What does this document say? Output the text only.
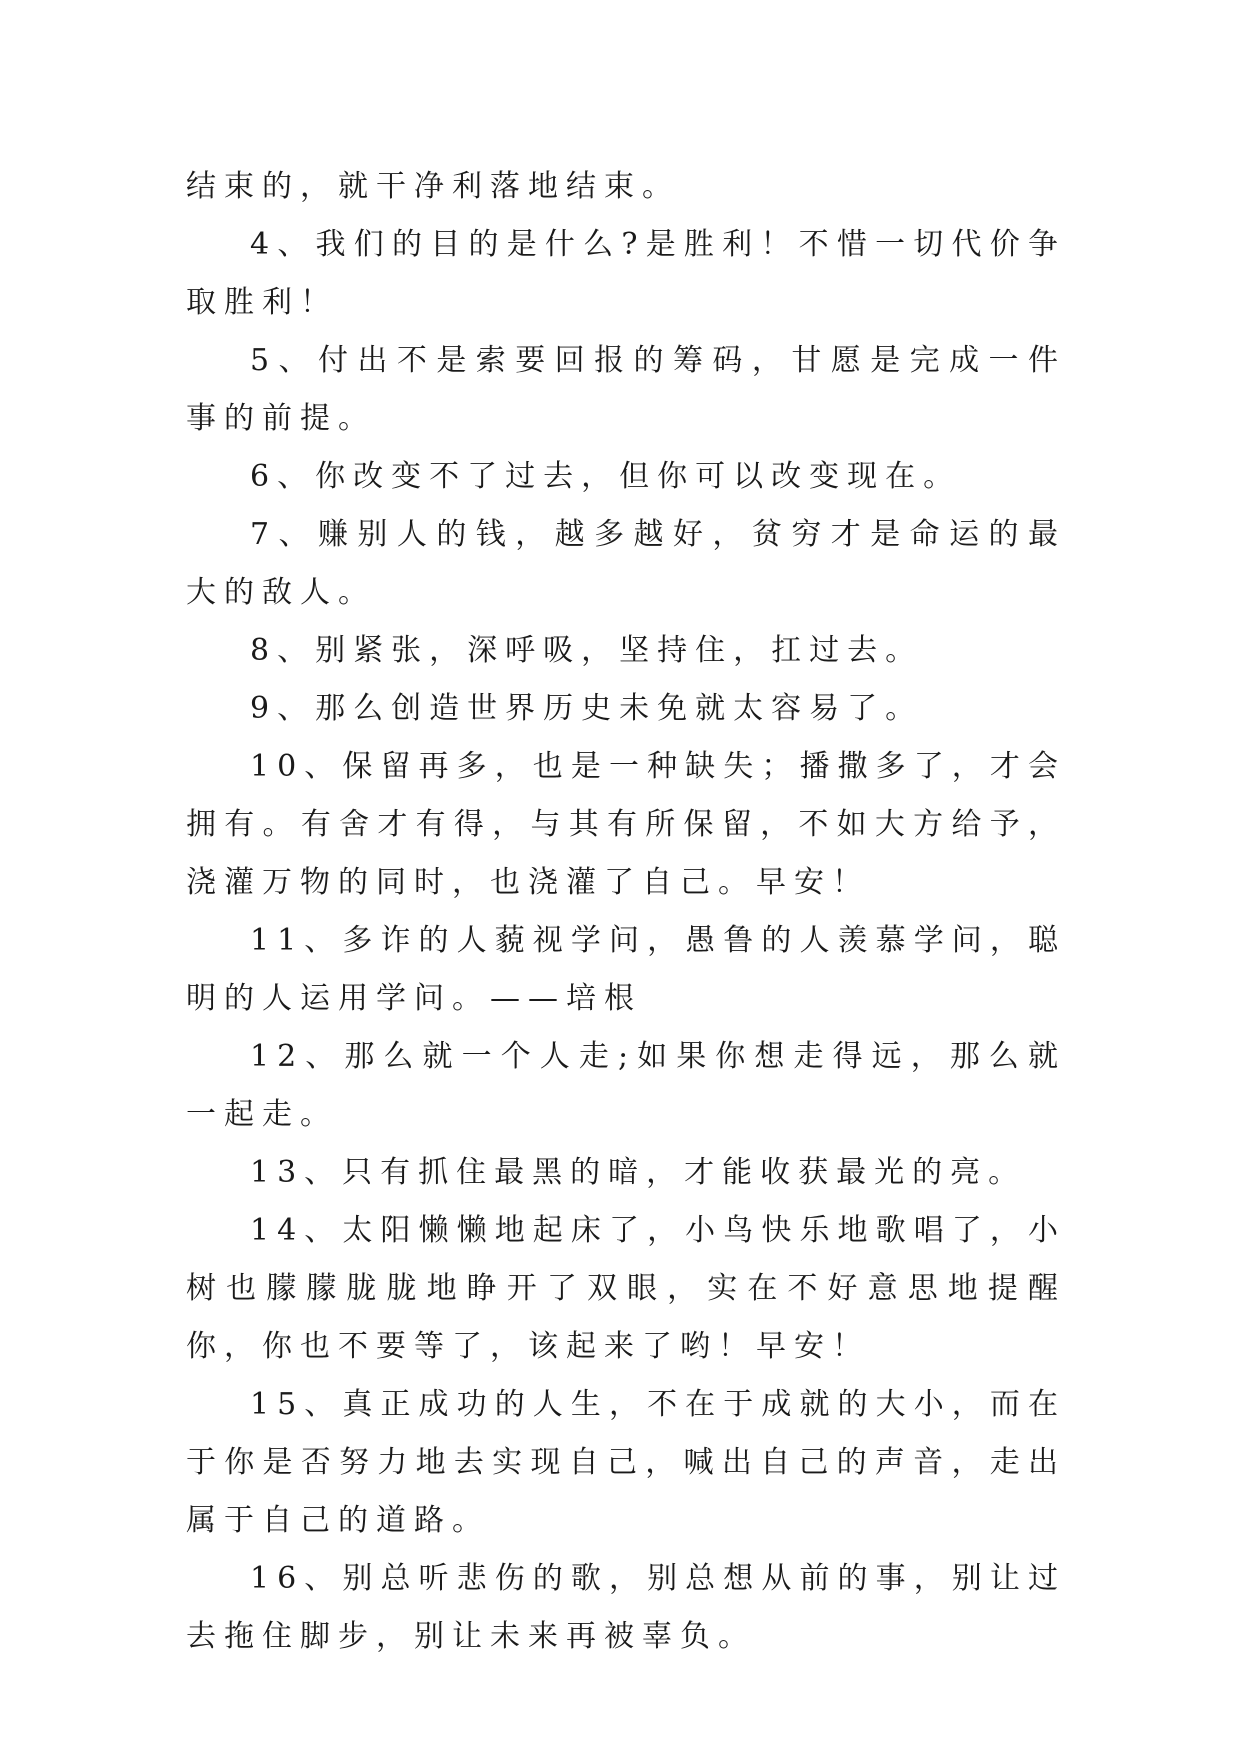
结束的，就干净利落地结束。

4、我们的目的是什么?是胜利！不惜一切代价争取胜利！

5、付出不是索要回报的筹码，甘愿是完成一件事的前提。

6、你改变不了过去，但你可以改变现在。

7、赚别人的钱，越多越好，贫穷才是命运的最大的敌人。

8、别紧张，深呼吸，坚持住，扛过去。

9、那么创造世界历史未免就太容易了。

10、保留再多，也是一种缺失；播撒多了，才会拥有。有舍才有得，与其有所保留，不如大方给予，浇灌万物的同时，也浇灌了自己。早安！

11、多诈的人藐视学问，愚鲁的人羡慕学问，聪明的人运用学问。——培根

12、那么就一个人走;如果你想走得远，那么就一起走。

13、只有抓住最黑的暗，才能收获最光的亮。

14、太阳懒懒地起床了，小鸟快乐地歌唱了，小树也朦朦胧胧地睁开了双眼，实在不好意思地提醒你，你也不要等了，该起来了哟！早安！

15、真正成功的人生，不在于成就的大小，而在于你是否努力地去实现自己，喊出自己的声音，走出属于自己的道路。

16、别总听悲伤的歌，别总想从前的事，别让过去拖住脚步，别让未来再被辜负。
